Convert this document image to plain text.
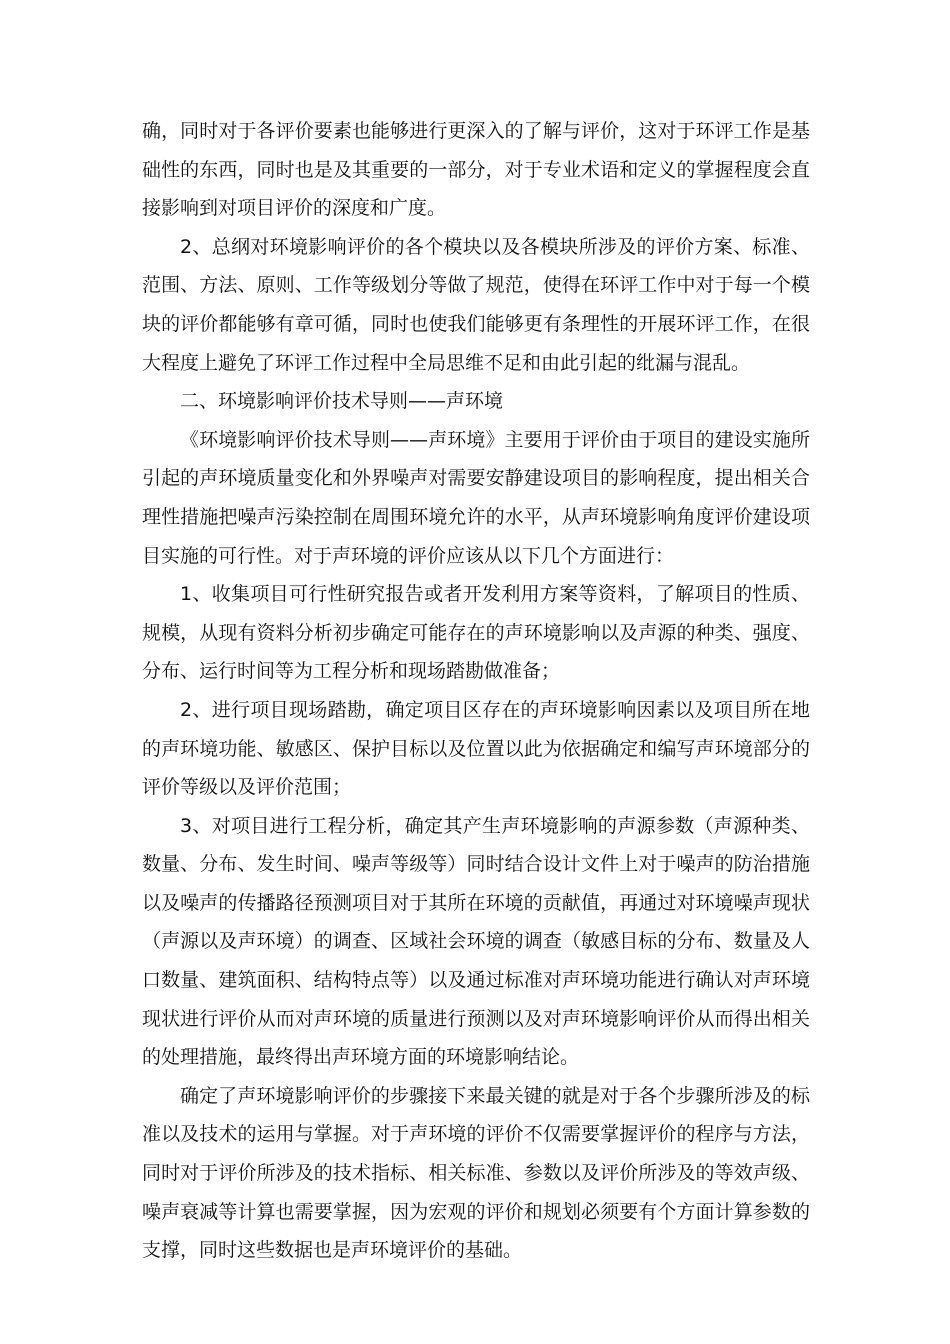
确，同时对于各评价要素也能够进行更深入的了解与评价，这对于环评工作是基础性的东西，同时也是及其重要的一部分，对于专业术语和定义的掌握程度会直接影响到对项目评价的深度和广度。

2、总纲对环境影响评价的各个模块以及各模块所涉及的评价方案、标准、范围、方法、原则、工作等级划分等做了规范，使得在环评工作中对于每一个模块的评价都能够有章可循，同时也使我们能够更有条理性的开展环评工作，在很大程度上避免了环评工作过程中全局思维不足和由此引起的纰漏与混乱。

二、环境影响评价技术导则——声环境

《环境影响评价技术导则——声环境》主要用于评价由于项目的建设实施所引起的声环境质量变化和外界噪声对需要安静建设项目的影响程度，提出相关合理性措施把噪声污染控制在周围环境允许的水平，从声环境影响角度评价建设项目实施的可行性。对于声环境的评价应该从以下几个方面进行：

1、收集项目可行性研究报告或者开发利用方案等资料，了解项目的性质、规模，从现有资料分析初步确定可能存在的声环境影响以及声源的种类、强度、分布、运行时间等为工程分析和现场踏勘做准备；

2、进行项目现场踏勘，确定项目区存在的声环境影响因素以及项目所在地的声环境功能、敏感区、保护目标以及位置以此为依据确定和编写声环境部分的评价等级以及评价范围；

3、对项目进行工程分析，确定其产生声环境影响的声源参数（声源种类、数量、分布、发生时间、噪声等级等）同时结合设计文件上对于噪声的防治措施以及噪声的传播路径预测项目对于其所在环境的贡献值，再通过对环境噪声现状（声源以及声环境）的调查、区域社会环境的调查（敏感目标的分布、数量及人口数量、建筑面积、结构特点等）以及通过标准对声环境功能进行确认对声环境现状进行评价从而对声环境的质量进行预测以及对声环境影响评价从而得出相关的处理措施，最终得出声环境方面的环境影响结论。

确定了声环境影响评价的步骤接下来最关键的就是对于各个步骤所涉及的标准以及技术的运用与掌握。对于声环境的评价不仅需要掌握评价的程序与方法，同时对于评价所涉及的技术指标、相关标准、参数以及评价所涉及的等效声级、噪声衰减等计算也需要掌握，因为宏观的评价和规划必须要有个方面计算参数的支撑，同时这些数据也是声环境评价的基础。
